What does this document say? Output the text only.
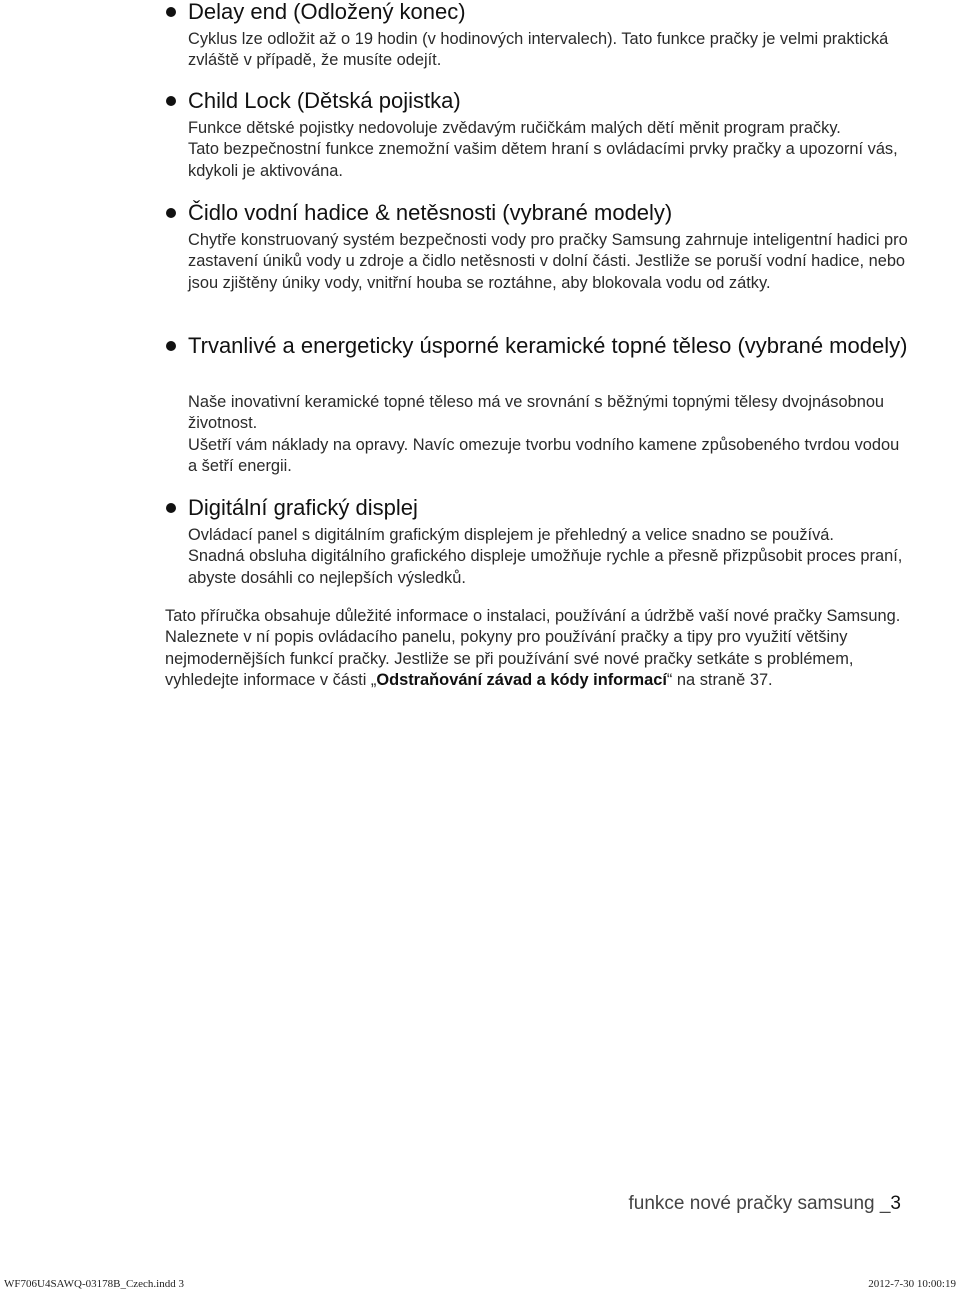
Delay end (Odložený konec)

Cyklus lze odložit až o 19 hodin (v hodinových intervalech). Tato funkce pračky je velmi praktická zvláště v případě, že musíte odejít.

Child Lock (Dětská pojistka)

Funkce dětské pojistky nedovoluje zvědavým ručičkám malých dětí měnit program pračky.

Tato bezpečnostní funkce znemožní vašim dětem hraní s ovládacími prvky pračky a upozorní vás, kdykoli je aktivována.

Čidlo vodní hadice & netěsnosti (vybrané modely)

Chytře konstruovaný systém bezpečnosti vody pro pračky Samsung zahrnuje inteligentní hadici pro zastavení úniků vody u zdroje a čidlo netěsnosti v dolní části. Jestliže se poruší vodní hadice, nebo jsou zjištěny úniky vody, vnitřní houba se roztáhne, aby blokovala vodu od zátky.

Trvanlivé a energeticky úsporné keramické topné těleso (vybrané modely)

Naše inovativní keramické topné těleso má ve srovnání s běžnými topnými tělesy dvojnásobnou životnost.

Ušetří vám náklady na opravy. Navíc omezuje tvorbu vodního kamene způsobeného tvrdou vodou a šetří energii.

Digitální grafický displej

Ovládací panel s digitálním grafickým displejem je přehledný a velice snadno se používá.

Snadná obsluha digitálního grafického displeje umožňuje rychle a přesně přizpůsobit proces praní, abyste dosáhli co nejlepších výsledků.

Tato příručka obsahuje důležité informace o instalaci, používání a údržbě vaší nové pračky Samsung. Naleznete v ní popis ovládacího panelu, pokyny pro používání pračky a tipy pro využití většiny nejmodernějších funkcí pračky. Jestliže se při používání své nové pračky setkáte s problémem, vyhledejte informace v části „Odstraňování závad a kódy informací“ na straně 37.

funkce nové pračky samsung _3
WF706U4SAWQ-03178B_Czech.indd 3	2012-7-30 10:00:19
